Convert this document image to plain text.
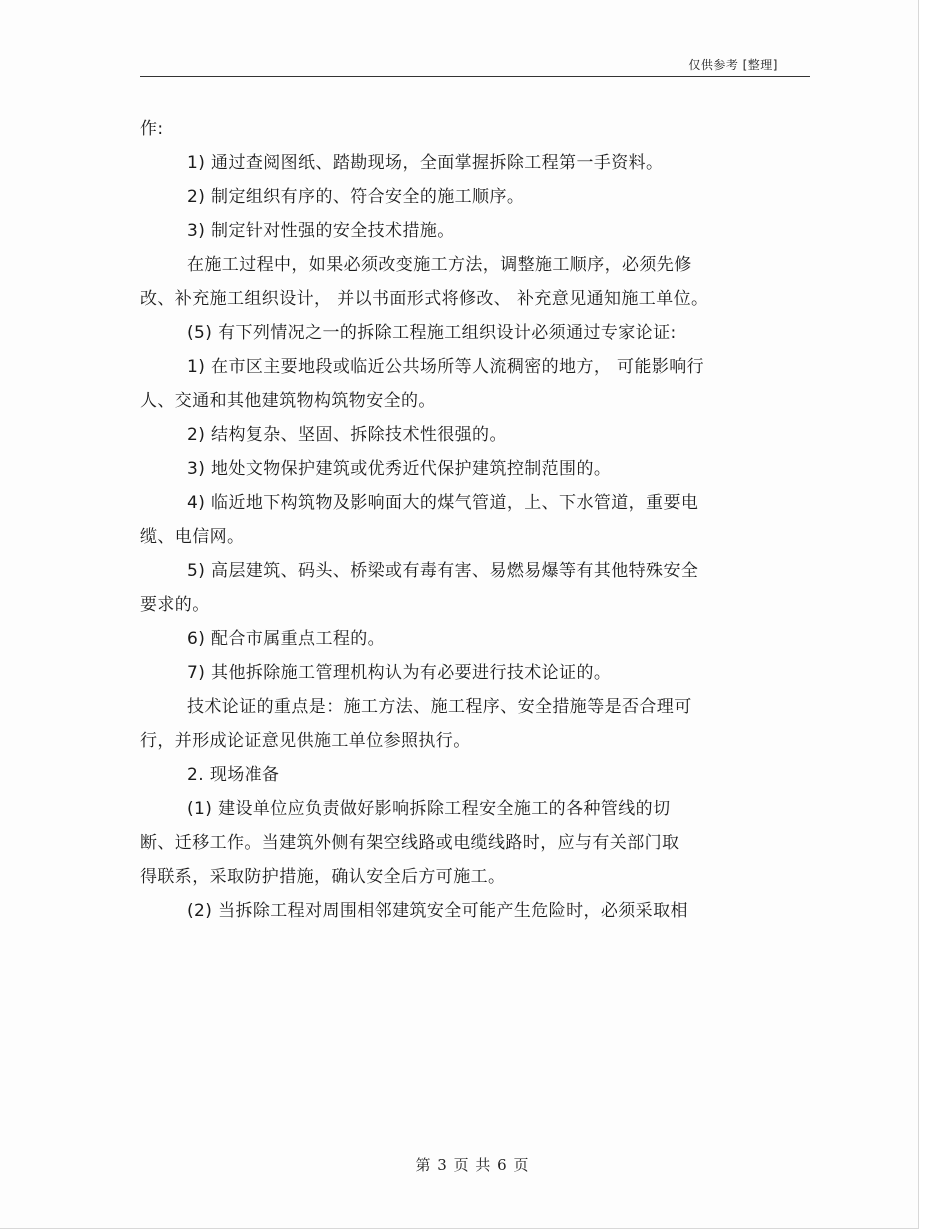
仅供参考 [整理]
作:
1) 通过查阅图纸、踏勘现场，全面掌握拆除工程第一手资料。
2) 制定组织有序的、符合安全的施工顺序。
3) 制定针对性强的安全技术措施。
在施工过程中，如果必须改变施工方法，调整施工顺序，必须先修
改、补充施工组织设计， 并以书面形式将修改、 补充意见通知施工单位。
(5) 有下列情况之一的拆除工程施工组织设计必须通过专家论证:
1) 在市区主要地段或临近公共场所等人流稠密的地方， 可能影响行
人、交通和其他建筑物构筑物安全的。
2) 结构复杂、坚固、拆除技术性很强的。
3) 地处文物保护建筑或优秀近代保护建筑控制范围的。
4) 临近地下构筑物及影响面大的煤气管道，上、下水管道，重要电
缆、电信网。
5) 高层建筑、码头、桥梁或有毒有害、易燃易爆等有其他特殊安全
要求的。
6) 配合市属重点工程的。
7) 其他拆除施工管理机构认为有必要进行技术论证的。
技术论证的重点是：施工方法、施工程序、安全措施等是否合理可
行，并形成论证意见供施工单位参照执行。
2. 现场准备
(1) 建设单位应负责做好影响拆除工程安全施工的各种管线的切
断、迁移工作。当建筑外侧有架空线路或电缆线路时，应与有关部门取
得联系，采取防护措施，确认安全后方可施工。
(2) 当拆除工程对周围相邻建筑安全可能产生危险时，必须采取相
第 3 页 共 6 页
